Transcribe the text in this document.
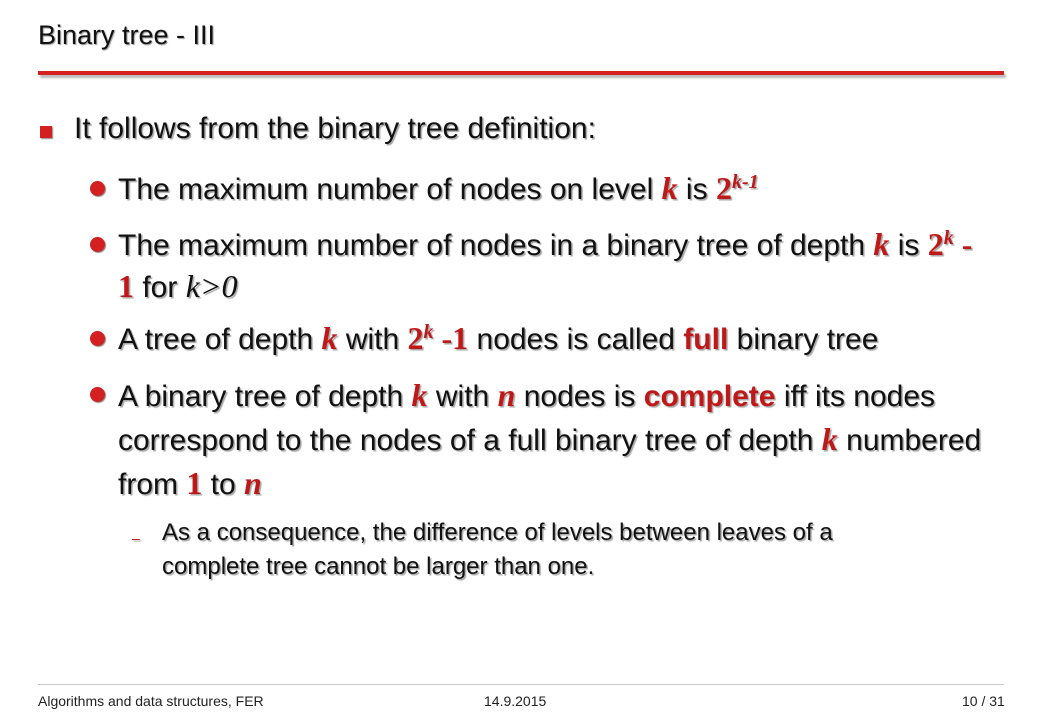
Binary tree - III
It follows from the binary tree definition:
The maximum number of nodes on level k is 2$^{k-1}$
The maximum number of nodes in a binary tree of depth k is 2$^k$ -
1 for k>0
A tree of depth k with 2$^k$ -1 nodes is called full binary tree
A binary tree of depth k with n nodes is complete iff its nodes correspond to the nodes of a full binary tree of depth k numbered from 1 to n
– As a consequence, the difference of levels between leaves of a complete tree cannot be larger than one.
Algorithms and data structures, FER	14.9.2015	10 / 31
